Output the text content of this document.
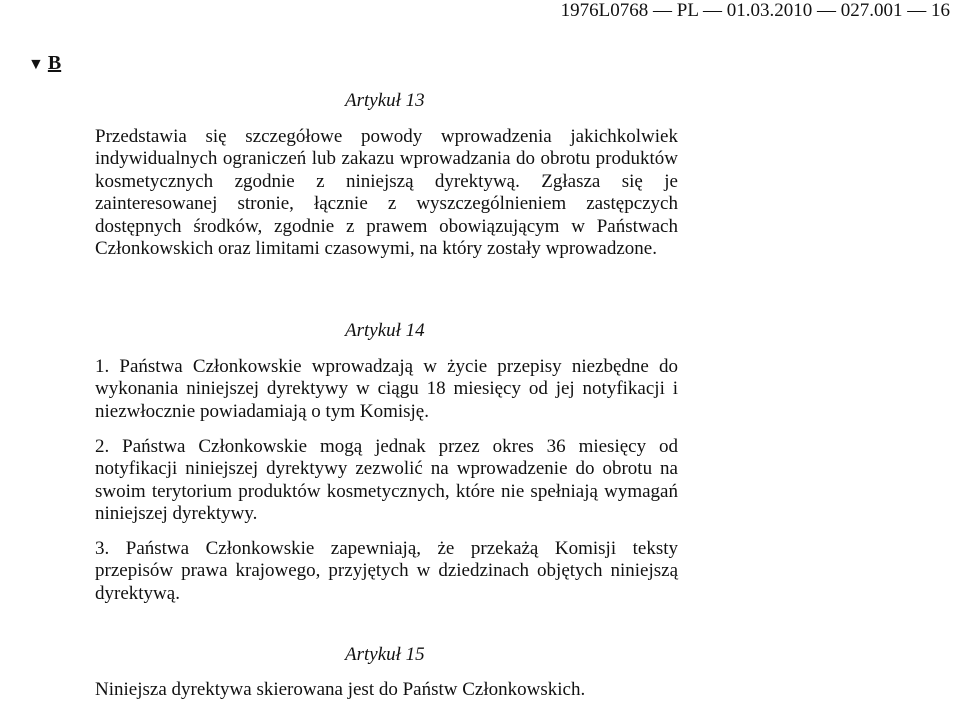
1976L0768 — PL — 01.03.2010 — 027.001 — 16
▼ B
Artykuł 13
Przedstawia się szczegółowe powody wprowadzenia jakichkolwiek indywidualnych ograniczeń lub zakazu wprowadzania do obrotu produktów kosmetycznych zgodnie z niniejszą dyrektywą. Zgłasza się je zainteresowanej stronie, łącznie z wyszczególnieniem zastępczych dostępnych środków, zgodnie z prawem obowiązującym w Państwach Członkowskich oraz limitami czasowymi, na który zostały wprowadzone.
Artykuł 14
1. Państwa Członkowskie wprowadzają w życie przepisy niezbędne do wykonania niniejszej dyrektywy w ciągu 18 miesięcy od jej notyfikacji i niezwłocznie powiadamiają o tym Komisję.
2. Państwa Członkowskie mogą jednak przez okres 36 miesięcy od notyfikacji niniejszej dyrektywy zezwolić na wprowadzenie do obrotu na swoim terytorium produktów kosmetycznych, które nie spełniają wymagań niniejszej dyrektywy.
3. Państwa Członkowskie zapewniają, że przekażą Komisji teksty przepisów prawa krajowego, przyjętych w dziedzinach objętych niniejszą dyrektywą.
Artykuł 15
Niniejsza dyrektywa skierowana jest do Państw Członkowskich.
